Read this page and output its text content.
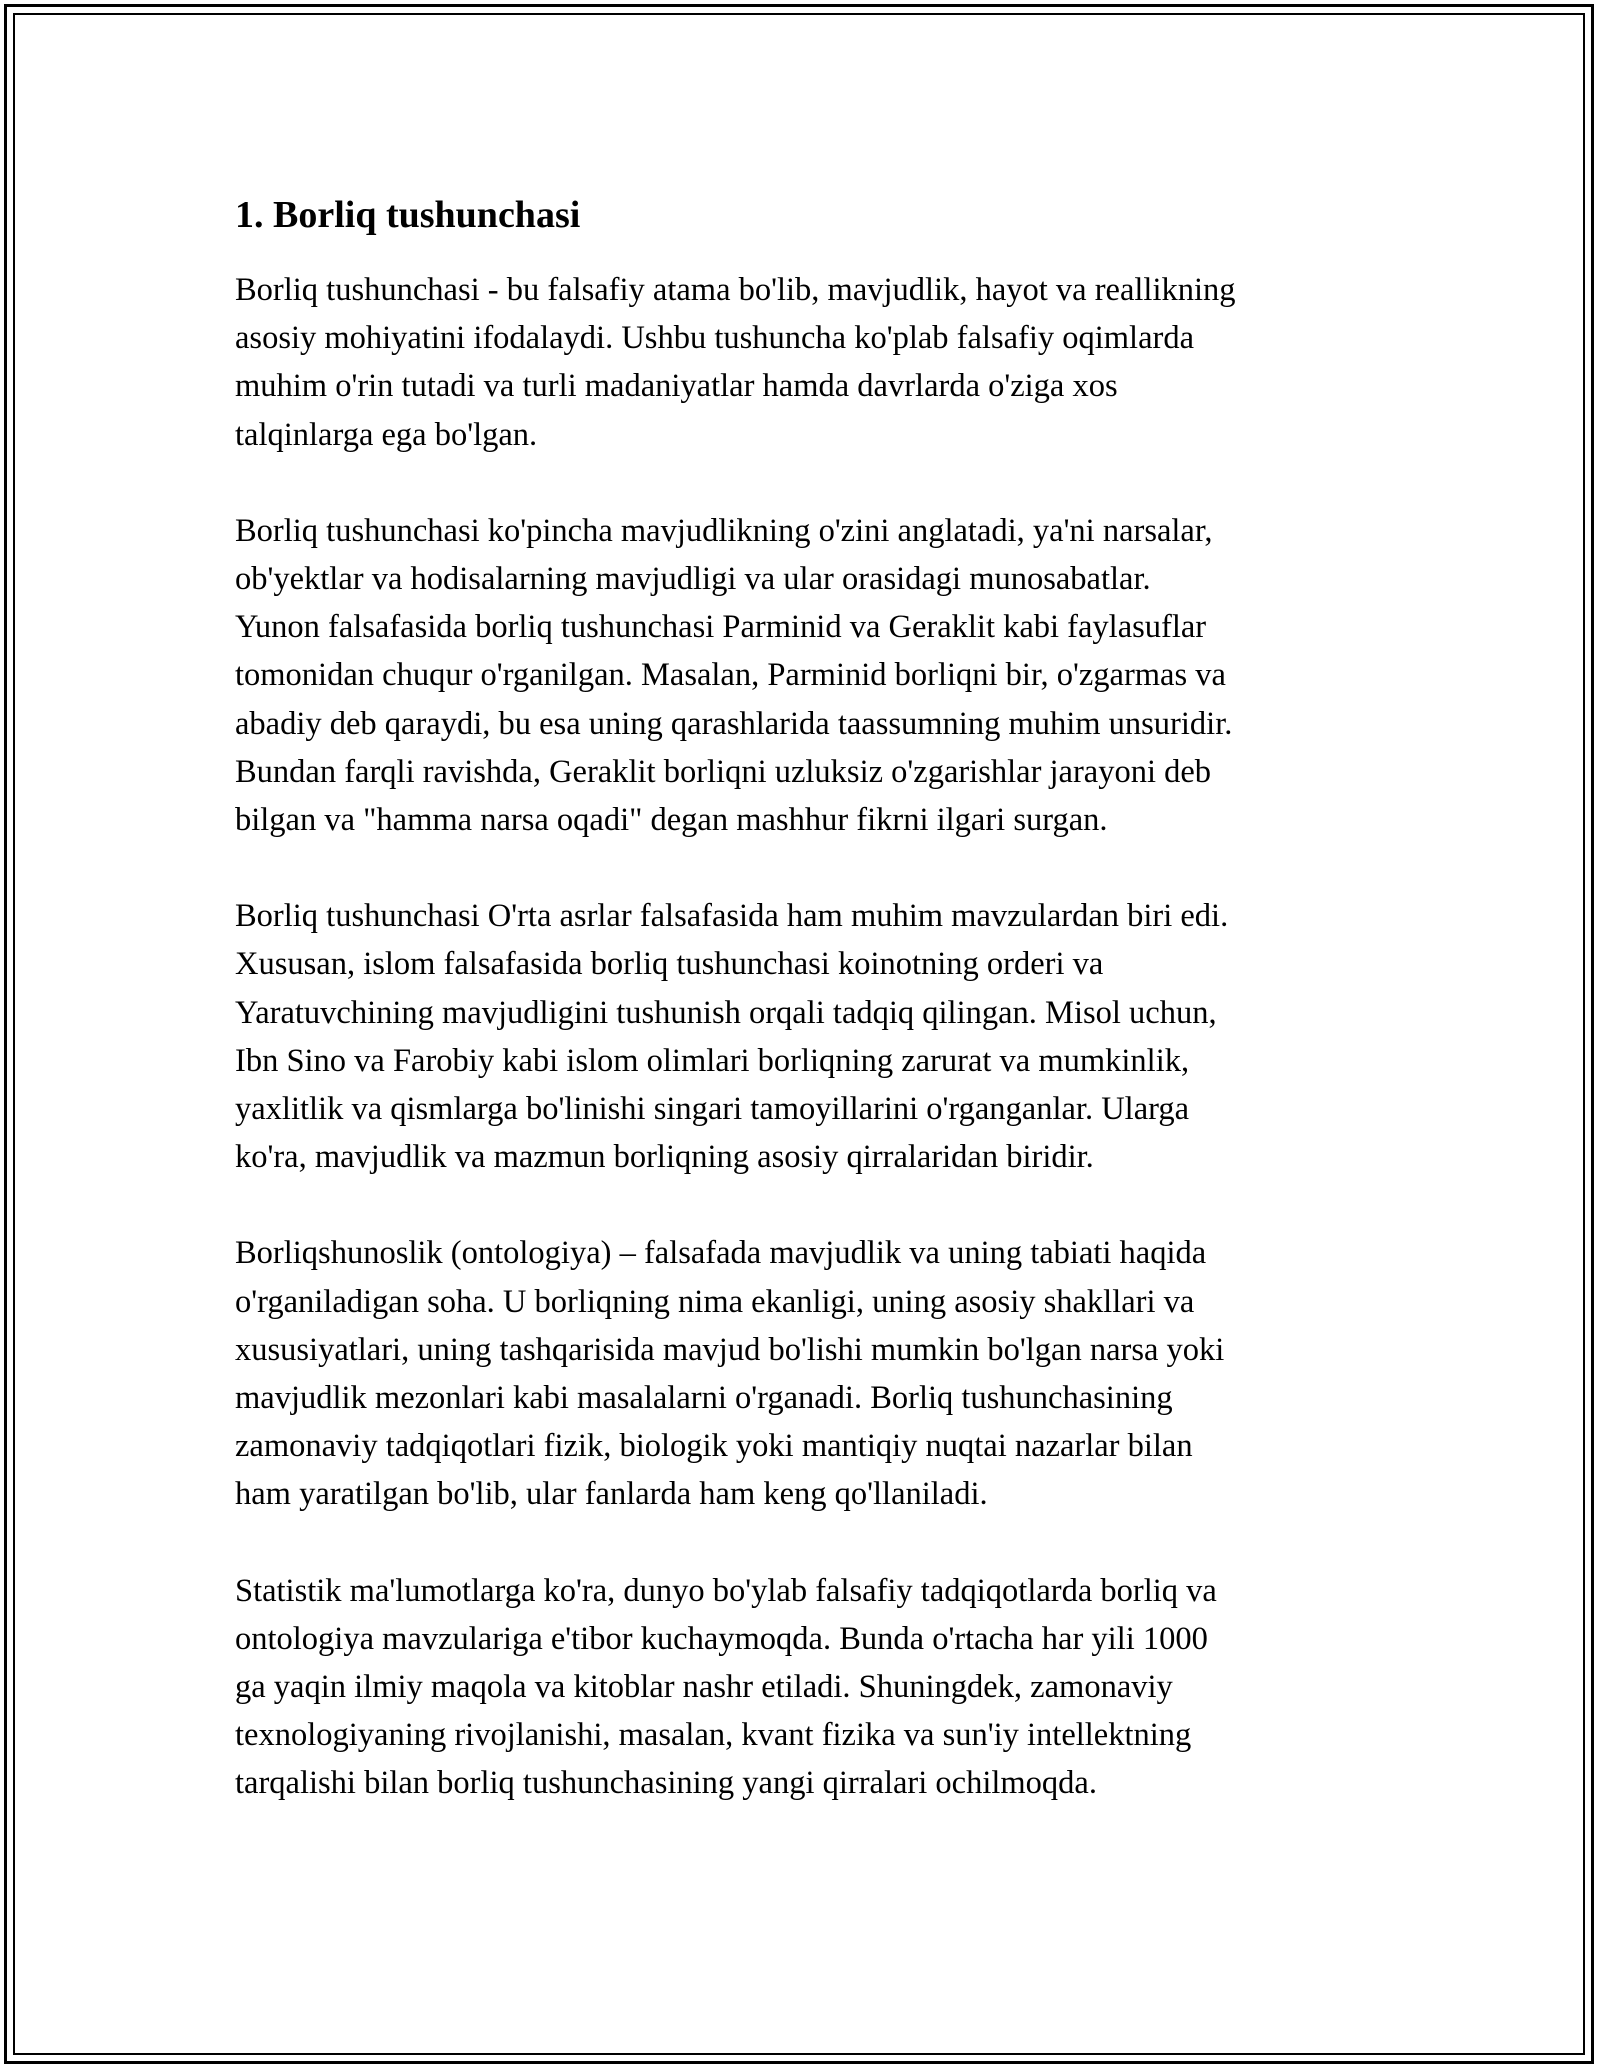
1. Borliq tushunchasi

Borliq tushunchasi - bu falsafiy atama bo'lib, mavjudlik, hayot va reallikning
asosiy mohiyatini ifodalaydi. Ushbu tushuncha ko'plab falsafiy oqimlarda
muhim o'rin tutadi va turli madaniyatlar hamda davrlarda o'ziga xos
talqinlarga ega bo'lgan.

Borliq tushunchasi ko'pincha mavjudlikning o'zini anglatadi, ya'ni narsalar,
ob'yektlar va hodisalarning mavjudligi va ular orasidagi munosabatlar.
Yunon falsafasida borliq tushunchasi Parminid va Geraklit kabi faylasuflar
tomonidan chuqur o'rganilgan. Masalan, Parminid borliqni bir, o'zgarmas va
abadiy deb qaraydi, bu esa uning qarashlarida taassumning muhim unsuridir.
Bundan farqli ravishda, Geraklit borliqni uzluksiz o'zgarishlar jarayoni deb
bilgan va "hamma narsa oqadi" degan mashhur fikrni ilgari surgan.

Borliq tushunchasi O'rta asrlar falsafasida ham muhim mavzulardan biri edi.
Xususan, islom falsafasida borliq tushunchasi koinotning orderi va
Yaratuvchining mavjudligini tushunish orqali tadqiq qilingan. Misol uchun,
Ibn Sino va Farobiy kabi islom olimlari borliqning zarurat va mumkinlik,
yaxlitlik va qismlarga bo'linishi singari tamoyillarini o'rganganlar. Ularga
ko'ra, mavjudlik va mazmun borliqning asosiy qirralaridan biridir.

Borliqshunoslik (ontologiya) – falsafada mavjudlik va uning tabiati haqida
o'rganiladigan soha. U borliqning nima ekanligi, uning asosiy shakllari va
xususiyatlari, uning tashqarisida mavjud bo'lishi mumkin bo'lgan narsa yoki
mavjudlik mezonlari kabi masalalarni o'rganadi. Borliq tushunchasining
zamonaviy tadqiqotlari fizik, biologik yoki mantiqiy nuqtai nazarlar bilan
ham yaratilgan bo'lib, ular fanlarda ham keng qo'llaniladi.

Statistik ma'lumotlarga ko'ra, dunyo bo'ylab falsafiy tadqiqotlarda borliq va
ontologiya mavzulariga e'tibor kuchaymoqda. Bunda o'rtacha har yili 1000
ga yaqin ilmiy maqola va kitoblar nashr etiladi. Shuningdek, zamonaviy
texnologiyaning rivojlanishi, masalan, kvant fizika va sun'iy intellektning
tarqalishi bilan borliq tushunchasining yangi qirralari ochilmoqda.
